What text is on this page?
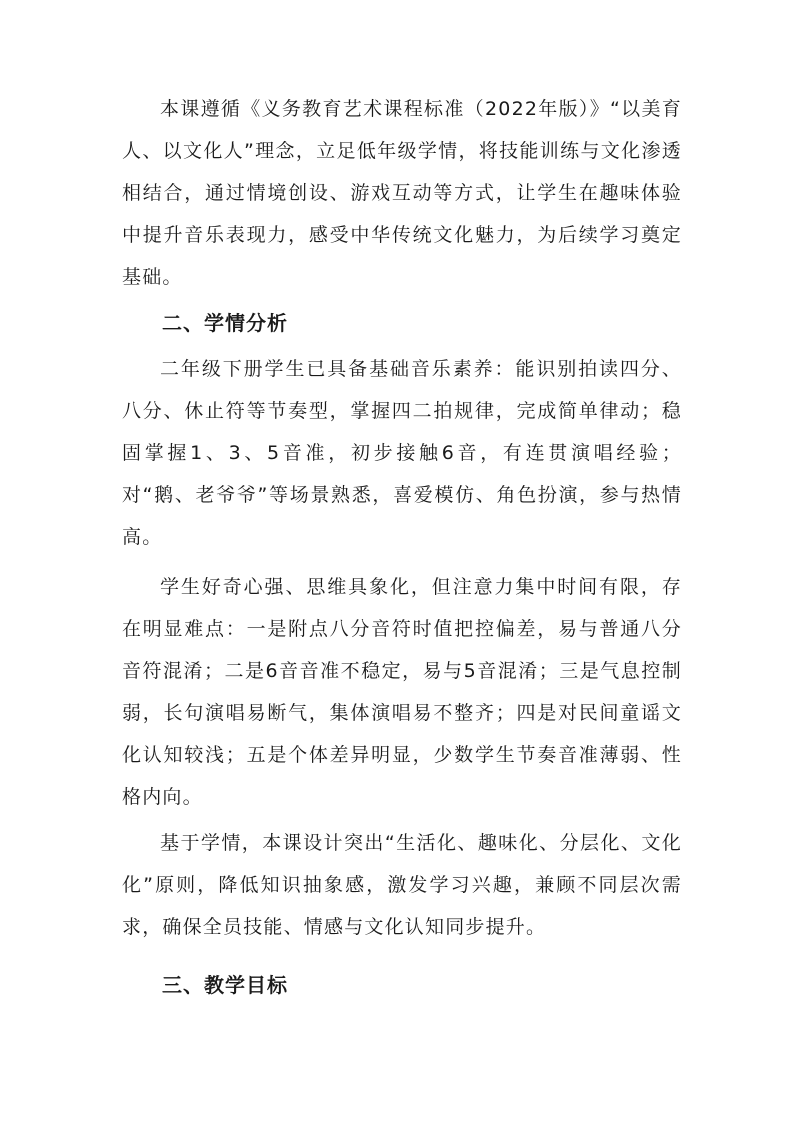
本课遵循《义务教育艺术课程标准（2022年版）》“以美育人、以文化人”理念，立足低年级学情，将技能训练与文化渗透相结合，通过情境创设、游戏互动等方式，让学生在趣味体验中提升音乐表现力，感受中华传统文化魅力，为后续学习奠定基础。

二、学情分析

二年级下册学生已具备基础音乐素养：能识别拍读四分、八分、休止符等节奏型，掌握四二拍规律，完成简单律动；稳固掌握1、3、5音准，初步接触6音，有连贯演唱经验；对“鹅、老爷爷”等场景熟悉，喜爱模仿、角色扮演，参与热情高。

学生好奇心强、思维具象化，但注意力集中时间有限，存在明显难点：一是附点八分音符时值把控偏差，易与普通八分音符混淆；二是6音音准不稳定，易与5音混淆；三是气息控制弱，长句演唱易断气，集体演唱易不整齐；四是对民间童谣文化认知较浅；五是个体差异明显，少数学生节奏音准薄弱、性格内向。

基于学情，本课设计突出“生活化、趣味化、分层化、文化化”原则，降低知识抽象感，激发学习兴趣，兼顾不同层次需求，确保全员技能、情感与文化认知同步提升。

三、教学目标
